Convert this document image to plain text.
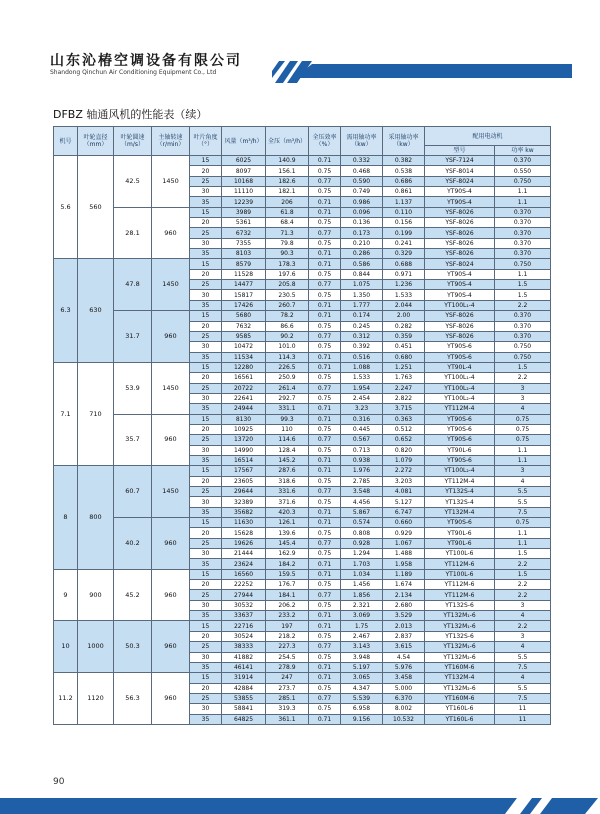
山东沁椿空调设备有限公司
Shandong Qinchun Air Conditioning Equipment Co., Ltd
DFBZ 轴通风机的性能表（续）
机号	叶轮直径（mm）	叶轮圆速（m/s）	主轴转速（r/min）	叶片角度（°）	风量（m³/h）	全压（m³/h）	全压效率（%）	需用轴功率（kw）	采用轴功率（kw）	配用电动机	
										型号	功率 kw
5.6	560	42.5	1450	15	6025	140.9	0.71	0.332	0.382	YSF-7124	0.370
				20	8097	156.1	0.75	0.468	0.538	YSF-8014	0.550
				25	10168	182.6	0.77	0.590	0.686	YSF-8024	0.750
				30	11110	182.1	0.75	0.749	0.861	YT90S-4	1.1
				35	12239	206	0.71	0.986	1.137	YT90S-4	1.1
		28.1	960	15	3989	61.8	0.71	0.096	0.110	YSF-8026	0.370
				20	5361	68.4	0.75	0.136	0.156	YSF-8026	0.370
				25	6732	71.3	0.77	0.173	0.199	YSF-8026	0.370
				30	7355	79.8	0.75	0.210	0.241	YSF-8026	0.370
				35	8103	90.3	0.71	0.286	0.329	YSF-8026	0.370
6.3	630	47.8	1450	15	8579	178.3	0.71	0.586	0.688	YSF-8024	0.750
				20	11528	197.6	0.75	0.844	0.971	YT90S-4	1.1
				25	14477	205.8	0.77	1.075	1.236	YT90S-4	1.5
				30	15817	230.5	0.75	1.350	1.533	YT90S-4	1.5
				35	17426	260.7	0.71	1.777	2.044	YT100L₁-4	2.2
		31.7	960	15	5680	78.2	0.71	0.174	2.00	YSF-8026	0.370
				20	7632	86.6	0.75	0.245	0.282	YSF-8026	0.370
				25	9585	90.2	0.77	0.312	0.359	YSF-8026	0.370
				30	10472	101.0	0.75	0.392	0.451	YT90S-6	0.750
				35	11534	114.3	0.71	0.516	0.680	YT90S-6	0.750
7.1	710	53.9	1450	15	12280	226.5	0.71	1.088	1.251	YT90L-4	1.5
				20	16561	250.9	0.75	1.533	1.763	YT100L₁-4	2.2
				25	20722	261.4	0.77	1.954	2.247	YT100L₂-4	3
				30	22641	292.7	0.75	2.454	2.822	YT100L₂-4	3
				35	24944	331.1	0.71	3.23	3.715	YT112M-4	4
		35.7	960	15	8130	99.3	0.71	0.316	0.363	YT90S-6	0.75
				20	10925	110	0.75	0.445	0.512	YT90S-6	0.75
				25	13720	114.6	0.77	0.567	0.652	YT90S-6	0.75
				30	14990	128.4	0.75	0.713	0.820	YT90L-6	1.1
				35	16514	145.2	0.71	0.938	1.079	YT90S-6	1.1
8	800	60.7	1450	15	17567	287.6	0.71	1.976	2.272	YT100L₂-4	3
				20	23605	318.6	0.75	2.785	3.203	YT112M-4	4
				25	29644	331.6	0.77	3.548	4.081	YT132S-4	5.5
				30	32389	371.6	0.75	4.456	5.127	YT132S-4	5.5
				35	35682	420.3	0.71	5.867	6.747	YT132M-4	7.5
		40.2	960	15	11630	126.1	0.71	0.574	0.660	YT90S-6	0.75
				20	15628	139.6	0.75	0.808	0.929	YT90L-6	1.1
				25	19626	145.4	0.77	0.928	1.067	YT90L-6	1.1
				30	21444	162.9	0.75	1.294	1.488	YT100L-6	1.5
				35	23624	184.2	0.71	1.703	1.958	YT112M-6	2.2
9	900	45.2	960	15	16560	159.5	0.71	1.034	1.189	YT100L-6	1.5
				20	22252	176.7	0.75	1.456	1.674	YT112M-6	2.2
				25	27944	184.1	0.77	1.856	2.134	YT112M-6	2.2
				30	30532	206.2	0.75	2.321	2.680	YT132S-6	3
				35	33637	233.2	0.71	3.069	3.529	YT132M₁-6	4
10	1000	50.3	960	15	22716	197	0.71	1.75	2.013	YT132M₁-6	2.2
				20	30524	218.2	0.75	2.467	2.837	YT132S-6	3
				25	38333	227.3	0.77	3.143	3.615	YT132M₁-6	4
				30	41882	254.5	0.75	3.948	4.54	YT132M₂-6	5.5
				35	46141	278.9	0.71	5.197	5.976	YT160M-6	7.5
11.2	1120	56.3	960	15	31914	247	0.71	3.065	3.458	YT132M-4	4
				20	42884	273.7	0.75	4.347	5.000	YT132M₂-6	5.5
				25	53855	285.1	0.77	5.539	6.370	YT160M-6	7.5
				30	58841	319.3	0.75	6.958	8.002	YT160L-6	11
				35	64825	361.1	0.71	9.156	10.532	YT160L-6	11
90
